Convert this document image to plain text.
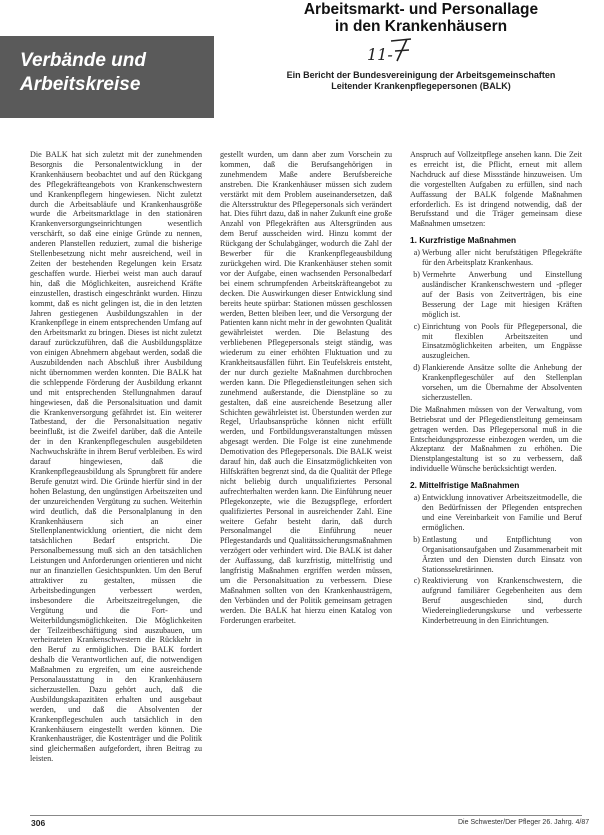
Verbände und
Arbeitskreise
Arbeitsmarkt- und Personallage
in den Krankenhäusern
11-
Ein Bericht der Bundesvereinigung der Arbeitsgemeinschaften
Leitender Krankenpflegepersonen (BALK)

Die BALK hat sich zuletzt mit der zunehmenden Besorgnis die Personalentwicklung in der Krankenhäusern beobachtet und auf den Rückgang des Pflegekräfteangebots von Krankenschwestern und Krankenpflegern hingewiesen. Nicht zuletzt durch die Arbeitsabläufe und Krankenhausgröße wurde die Arbeitsmarktlage in den stationären Krankenversorgungseinrichtungen wesentlich verschärft, so daß eine einige Gründe zu nennen, anderen Planstellen reduziert, zumal die bisherige Stellenbesetzung nicht mehr ausreichend, weil in Zeiten der bestehenden Regelungen kein Ersatz geschaffen wurde. Hierbei weist man auch darauf hin, daß die Möglichkeiten, ausreichend Kräfte einzustellen, drastisch eingeschränkt wurden. Hinzu kommt, daß es nicht gelingen ist, die in den letzten Jahren gestiegenen Ausbildungszahlen in der Krankenpflege in einem entsprechenden Umfang auf den Arbeitsmarkt zu bringen. Dieses ist nicht zuletzt darauf zurückzuführen, daß die Ausbildungsplätze von einigen Abnehmern abgebaut werden, sodaß die Auszubildenden nach Abschluß ihrer Ausbildung nicht übernommen werden konnten. Die BALK hat die schleppende Förderung der Ausbildung erkannt und mit entsprechenden Stellungnahmen darauf hingewiesen, daß die Personalsituation und damit die Krankenversorgung gefährdet ist. Ein weiterer Tatbestand, der die Personalsituation negativ beeinflußt, ist die Zweifel darüber, daß die Anteile der in den Krankenpflegeschulen ausgebildeten Nachwuchskräfte in ihrem Beruf verbleiben. Es wird darauf hingewiesen, daß die Krankenpflegeausbildung als Sprungbrett für andere Berufe genutzt wird. Die Gründe hierfür sind in der hohen Belastung, den ungünstigen Arbeitszeiten und der unzureichenden Vergütung zu suchen. Weiterhin wird deutlich, daß die Personalplanung in den Krankenhäusern sich an einer Stellenplanentwicklung orientiert, die nicht dem tatsächlichen Bedarf entspricht. Die Personalbemessung muß sich an den tatsächlichen Leistungen und Anforderungen orientieren und nicht nur an finanziellen Gesichtspunkten. Um den Beruf attraktiver zu gestalten, müssen die Arbeitsbedingungen verbessert werden, insbesondere die Arbeitszeitregelungen, die Vergütung und die Fort- und Weiterbildungsmöglichkeiten. Die Möglichkeiten der Teilzeitbeschäftigung sind auszubauen, um verheirateten Krankenschwestern die Rückkehr in den Beruf zu ermöglichen. Die BALK fordert deshalb die Verantwortlichen auf, die notwendigen Maßnahmen zu ergreifen, um eine ausreichende Personalausstattung in den Krankenhäusern sicherzustellen. Dazu gehört auch, daß die Ausbildungskapazitäten erhalten und ausgebaut werden, und daß die Absolventen der Krankenpflegeschulen auch tatsächlich in den Krankenhäusern eingestellt werden können. Die Krankenhausträger, die Kostenträger und die Politik sind gleichermaßen aufgefordert, ihren Beitrag zu leisten.

gestellt wurden, um dann aber zum Vorschein zu kommen, daß die Berufsangehörigen in zunehmendem Maße andere Berufsbereiche anstreben. Die Krankenhäuser müssen sich zudem verstärkt mit dem Problem auseinandersetzen, daß die Altersstruktur des Pflegepersonals sich verändert hat. Dies führt dazu, daß in naher Zukunft eine große Anzahl von Pflegekräften aus Altersgründen aus dem Beruf ausscheiden wird. Hinzu kommt der Rückgang der Schulabgänger, wodurch die Zahl der Bewerber für die Krankenpflegeausbildung zurückgehen wird. Die Krankenhäuser stehen somit vor der Aufgabe, einen wachsenden Personalbedarf bei einem schrumpfenden Arbeitskräfteangebot zu decken. Die Auswirkungen dieser Entwicklung sind bereits heute spürbar: Stationen müssen geschlossen werden, Betten bleiben leer, und die Versorgung der Patienten kann nicht mehr in der gewohnten Qualität gewährleistet werden. Die Belastung des verbliebenen Pflegepersonals steigt ständig, was wiederum zu einer erhöhten Fluktuation und zu Krankheitsausfällen führt. Ein Teufelskreis entsteht, der nur durch gezielte Maßnahmen durchbrochen werden kann. Die Pflegedienstleitungen sehen sich zunehmend außerstande, die Dienstpläne so zu gestalten, daß eine ausreichende Besetzung aller Schichten gewährleistet ist. Überstunden werden zur Regel, Urlaubsansprüche können nicht erfüllt werden, und Fortbildungsveranstaltungen müssen abgesagt werden. Die Folge ist eine zunehmende Demotivation des Pflegepersonals. Die BALK weist darauf hin, daß auch die Einsatzmöglichkeiten von Hilfskräften begrenzt sind, da die Qualität der Pflege nicht beliebig durch unqualifiziertes Personal aufrechterhalten werden kann. Die Einführung neuer Pflegekonzepte, wie die Bezugspflege, erfordert qualifiziertes Personal in ausreichender Zahl. Eine weitere Gefahr besteht darin, daß durch Personalmangel die Einführung neuer Pflegestandards und Qualitätssicherungsmaßnahmen verzögert oder verhindert wird. Die BALK ist daher der Auffassung, daß kurzfristig, mittelfristig und langfristig Maßnahmen ergriffen werden müssen, um die Personalsituation zu verbessern. Diese Maßnahmen sollten von den Krankenhausträgern, den Verbänden und der Politik gemeinsam getragen werden. Die BALK hat hierzu einen Katalog von Forderungen erarbeitet.

Anspruch auf Vollzeitpflege ansehen kann. Die Zeit es erreicht ist, die Pflicht, erneut mit allem Nachdruck auf diese Missstände hinzuweisen. Um die vorgestellten Aufgaben zu erfüllen, sind nach Auffassung der BALK folgende Maßnahmen erforderlich. Es ist dringend notwendig, daß der Berufsstand und die Träger gemeinsam diese Maßnahmen umsetzen:

1. Kurzfristige Maßnahmen
a. Werbung aller nicht berufstätigen Pflegekräfte für den Arbeitsplatz Krankenhaus.
b. Vermehrte Anwerbung und Einstellung ausländischer Krankenschwestern und -pfleger auf der Basis von Zeitverträgen, bis eine Besserung der Lage mit hiesigen Kräften möglich ist.
c. Einrichtung von Pools für Pflegepersonal, die mit flexiblen Arbeitszeiten und Einsatzmöglichkeiten arbeiten, um Engpässe auszugleichen.
d. Flankierende Ansätze sollte die Anhebung der Krankenpflegeschüler auf den Stellenplan vorsehen, um die Übernahme der Absolventen sicherzustellen.

Die Maßnahmen müssen von der Verwaltung, vom Betriebsrat und der Pflegedienstleitung gemeinsam getragen werden. Das Pflegepersonal muß in die Entscheidungsprozesse einbezogen werden, um die Akzeptanz der Maßnahmen zu erhöhen. Die Dienstplangestaltung ist so zu verbessern, daß individuelle Wünsche berücksichtigt werden.

2. Mittelfristige Maßnahmen
a. Entwicklung innovativer Arbeitszeitmodelle, die den Bedürfnissen der Pflegenden entsprechen und eine Vereinbarkeit von Familie und Beruf ermöglichen.
b. Entlastung und Entpflichtung von Organisationsaufgaben und Zusammenarbeit mit Ärzten und den Diensten durch Einsatz von Stationssekretärinnen.
c. Reaktivierung von Krankenschwestern, die aufgrund familiärer Gegebenheiten aus dem Beruf ausgeschieden sind, durch Wiedereingliederungskurse und verbesserte Kinderbetreuung in den Einrichtungen.
306	Die Schwester/Der Pfleger 26. Jahrg. 4/87
